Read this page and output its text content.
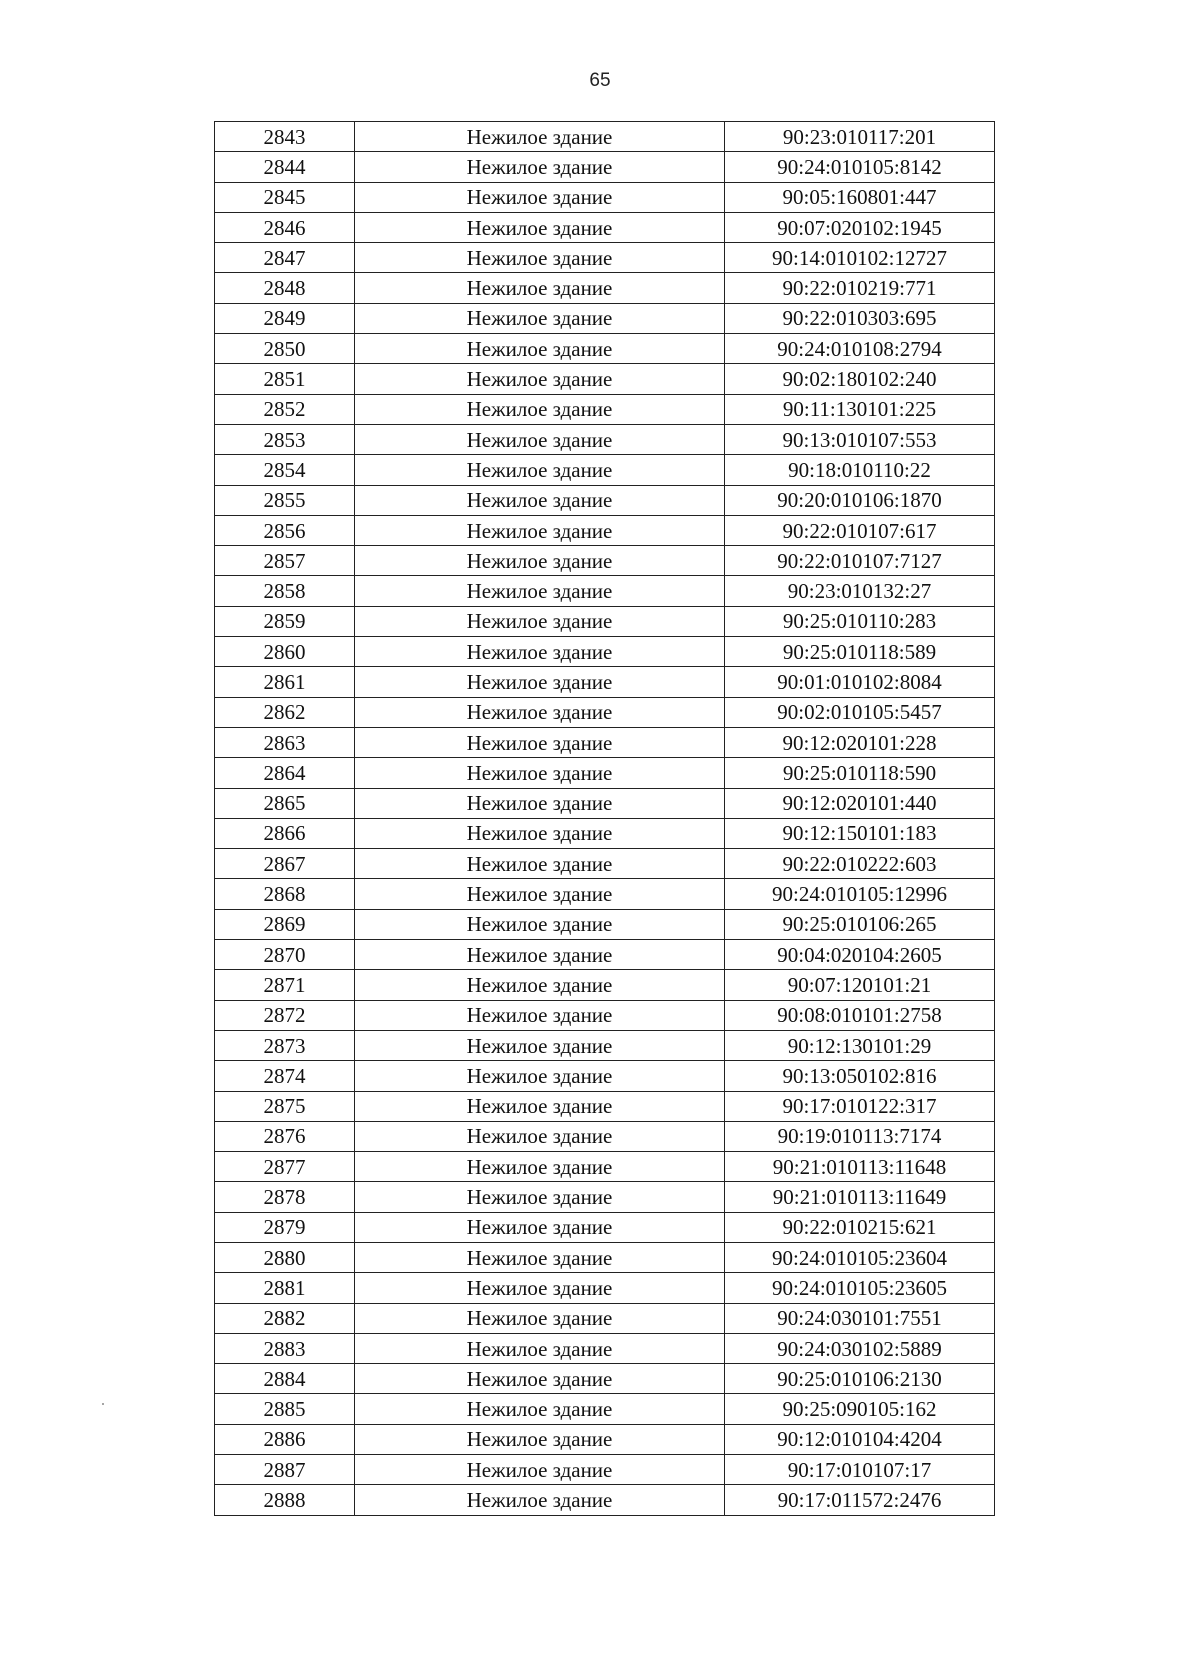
65
2843	Нежилое здание	90:23:010117:201
2844	Нежилое здание	90:24:010105:8142
2845	Нежилое здание	90:05:160801:447
2846	Нежилое здание	90:07:020102:1945
2847	Нежилое здание	90:14:010102:12727
2848	Нежилое здание	90:22:010219:771
2849	Нежилое здание	90:22:010303:695
2850	Нежилое здание	90:24:010108:2794
2851	Нежилое здание	90:02:180102:240
2852	Нежилое здание	90:11:130101:225
2853	Нежилое здание	90:13:010107:553
2854	Нежилое здание	90:18:010110:22
2855	Нежилое здание	90:20:010106:1870
2856	Нежилое здание	90:22:010107:617
2857	Нежилое здание	90:22:010107:7127
2858	Нежилое здание	90:23:010132:27
2859	Нежилое здание	90:25:010110:283
2860	Нежилое здание	90:25:010118:589
2861	Нежилое здание	90:01:010102:8084
2862	Нежилое здание	90:02:010105:5457
2863	Нежилое здание	90:12:020101:228
2864	Нежилое здание	90:25:010118:590
2865	Нежилое здание	90:12:020101:440
2866	Нежилое здание	90:12:150101:183
2867	Нежилое здание	90:22:010222:603
2868	Нежилое здание	90:24:010105:12996
2869	Нежилое здание	90:25:010106:265
2870	Нежилое здание	90:04:020104:2605
2871	Нежилое здание	90:07:120101:21
2872	Нежилое здание	90:08:010101:2758
2873	Нежилое здание	90:12:130101:29
2874	Нежилое здание	90:13:050102:816
2875	Нежилое здание	90:17:010122:317
2876	Нежилое здание	90:19:010113:7174
2877	Нежилое здание	90:21:010113:11648
2878	Нежилое здание	90:21:010113:11649
2879	Нежилое здание	90:22:010215:621
2880	Нежилое здание	90:24:010105:23604
2881	Нежилое здание	90:24:010105:23605
2882	Нежилое здание	90:24:030101:7551
2883	Нежилое здание	90:24:030102:5889
2884	Нежилое здание	90:25:010106:2130
2885	Нежилое здание	90:25:090105:162
2886	Нежилое здание	90:12:010104:4204
2887	Нежилое здание	90:17:010107:17
2888	Нежилое здание	90:17:011572:2476
